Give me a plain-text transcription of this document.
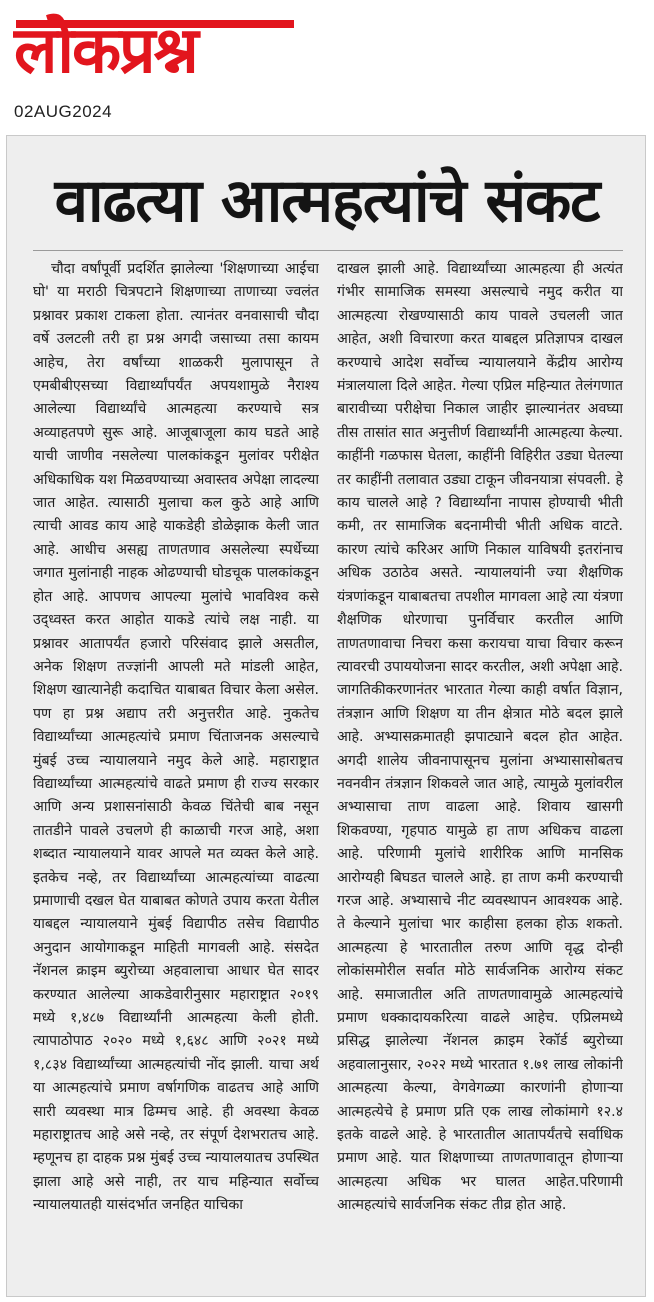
लोकप्रश्न
02AUG2024
वाढत्या आत्महत्यांचे संकट

चौदा वर्षांपूर्वी प्रदर्शित झालेल्या 'शिक्षणाच्या आईचा घो' या मराठी चित्रपटाने शिक्षणाच्या ताणाच्या ज्वलंत प्रश्नावर प्रकाश टाकला होता. त्यानंतर वनवासाची चौदा वर्षे उलटली तरी हा प्रश्न अगदी जसाच्या तसा कायम आहेच, तेरा वर्षांच्या शाळकरी मुलापासून ते एमबीबीएसच्या विद्यार्थ्यांपर्यंत अपयशामुळे नैराश्य आलेल्या विद्यार्थ्यांचे आत्महत्या करण्याचे सत्र अव्याहतपणे सुरू आहे. आजूबाजूला काय घडते आहे याची जाणीव नसलेल्या पालकांकडून मुलांवर परीक्षेत अधिकाधिक यश मिळवण्याच्या अवास्तव अपेक्षा लादल्या जात आहेत. त्यासाठी मुलाचा कल कुठे आहे आणि त्याची आवड काय आहे याकडेही डोळेझाक केली जात आहे. आधीच असह्य ताणतणाव असलेल्या स्पर्धेच्या जगात मुलांनाही नाहक ओढण्याची घोडचूक पालकांकडून होत आहे. आपणच आपल्या मुलांचे भावविश्व कसे उद्ध्वस्त करत आहोत याकडे त्यांचे लक्ष नाही. या प्रश्नावर आतापर्यंत हजारो परिसंवाद झाले असतील, अनेक शिक्षण तज्ज्ञांनी आपली मते मांडली आहेत, शिक्षण खात्यानेही कदाचित याबाबत विचार केला असेल. पण हा प्रश्न अद्याप तरी अनुत्तरीत आहे. नुकतेच विद्यार्थ्यांच्या आत्महत्यांचे प्रमाण चिंताजनक असल्याचे मुंबई उच्च न्यायालयाने नमुद केले आहे. महाराष्ट्रात विद्यार्थ्यांच्या आत्महत्यांचे वाढते प्रमाण ही राज्य सरकार आणि अन्य प्रशासनांसाठी केवळ चिंतेची बाब नसून तातडीने पावले उचलणे ही काळाची गरज आहे, अशा शब्दात न्यायालयाने यावर आपले मत व्यक्त केले आहे. इतकेच नव्हे, तर विद्यार्थ्यांच्या आत्महत्यांच्या वाढत्या प्रमाणाची दखल घेत याबाबत कोणते उपाय करता येतील याबद्दल न्यायालयाने मुंबई विद्यापीठ तसेच विद्यापीठ अनुदान आयोगाकडून माहिती मागवली आहे. संसदेत नॅशनल क्राइम ब्युरोच्या अहवालाचा आधार घेत सादर करण्यात आलेल्या आकडेवारीनुसार महाराष्ट्रात २०१९ मध्ये १,४८७ विद्यार्थ्यांनी आत्महत्या केली होती. त्यापाठोपाठ २०२० मध्ये १,६४८ आणि २०२१ मध्ये १,८३४ विद्यार्थ्यांच्या आत्महत्यांची नोंद झाली. याचा अर्थ या आत्महत्यांचे प्रमाण वर्षागणिक वाढतच आहे आणि सारी व्यवस्था मात्र ढिम्मच आहे. ही अवस्था केवळ महाराष्ट्रातच आहे असे नव्हे, तर संपूर्ण देशभरातच आहे. म्हणूनच हा दाहक प्रश्न मुंबई उच्च न्यायालयातच उपस्थित झाला आहे असे नाही, तर याच महिन्यात सर्वोच्च न्यायालयातही यासंदर्भात जनहित याचिका

दाखल झाली आहे. विद्यार्थ्यांच्या आत्महत्या ही अत्यंत गंभीर सामाजिक समस्या असल्याचे नमुद करीत या आत्महत्या रोखण्यासाठी काय पावले उचलली जात आहेत, अशी विचारणा करत याबद्दल प्रतिज्ञापत्र दाखल करण्याचे आदेश सर्वोच्च न्यायालयाने केंद्रीय आरोग्य मंत्रालयाला दिले आहेत. गेल्या एप्रिल महिन्यात तेलंगणात बारावीच्या परीक्षेचा निकाल जाहीर झाल्यानंतर अवघ्या तीस तासांत सात अनुत्तीर्ण विद्यार्थ्यांनी आत्महत्या केल्या. काहींनी गळफास घेतला, काहींनी विहिरीत उड्या घेतल्या तर काहींनी तलावात उड्या टाकून जीवनयात्रा संपवली. हे काय चालले आहे ? विद्यार्थ्यांना नापास होण्याची भीती कमी, तर सामाजिक बदनामीची भीती अधिक वाटते. कारण त्यांचे करिअर आणि निकाल याविषयी इतरांनाच अधिक उठाठेव असते. न्यायालयांनी ज्या शैक्षणिक यंत्रणांकडून याबाबतचा तपशील मागवला आहे त्या यंत्रणा शैक्षणिक धोरणाचा पुनर्विचार करतील आणि ताणतणावाचा निचरा कसा करायचा याचा विचार करून त्यावरची उपाययोजना सादर करतील, अशी अपेक्षा आहे. जागतिकीकरणानंतर भारतात गेल्या काही वर्षात विज्ञान, तंत्रज्ञान आणि शिक्षण या तीन क्षेत्रात मोठे बदल झाले आहे. अभ्यासक्रमातही झपाट्याने बदल होत आहेत. अगदी शालेय जीवनापासूनच मुलांना अभ्यासासोबतच नवनवीन तंत्रज्ञान शिकवले जात आहे, त्यामुळे मुलांवरील अभ्यासाचा ताण वाढला आहे. शिवाय खासगी शिकवण्या, गृहपाठ यामुळे हा ताण अधिकच वाढला आहे. परिणामी मुलांचे शारीरिक आणि मानसिक आरोग्यही बिघडत चालले आहे. हा ताण कमी करण्याची गरज आहे. अभ्यासाचे नीट व्यवस्थापन आवश्यक आहे. ते केल्याने मुलांचा भार काहीसा हलका होऊ शकतो. आत्महत्या हे भारतातील तरुण आणि वृद्ध दोन्ही लोकांसमोरील सर्वात मोठे सार्वजनिक आरोग्य संकट आहे. समाजातील अति ताणतणावामुळे आत्महत्यांचे प्रमाण धक्कादायकरित्या वाढले आहेच. एप्रिलमध्ये प्रसिद्ध झालेल्या नॅशनल क्राइम रेकॉर्ड ब्युरोच्या अहवालानुसार, २०२२ मध्ये भारतात १.७१ लाख लोकांनी आत्महत्या केल्या, वेगवेगळ्या कारणांनी होणाऱ्या आत्महत्येचे हे प्रमाण प्रति एक लाख लोकांमागे १२.४ इतके वाढले आहे. हे भारतातील आतापर्यंतचे सर्वाधिक प्रमाण आहे. यात शिक्षणाच्या ताणतणावातून होणाऱ्या आत्महत्या अधिक भर घालत आहेत.परिणामी आत्महत्यांचे सार्वजनिक संकट तीव्र होत आहे.
